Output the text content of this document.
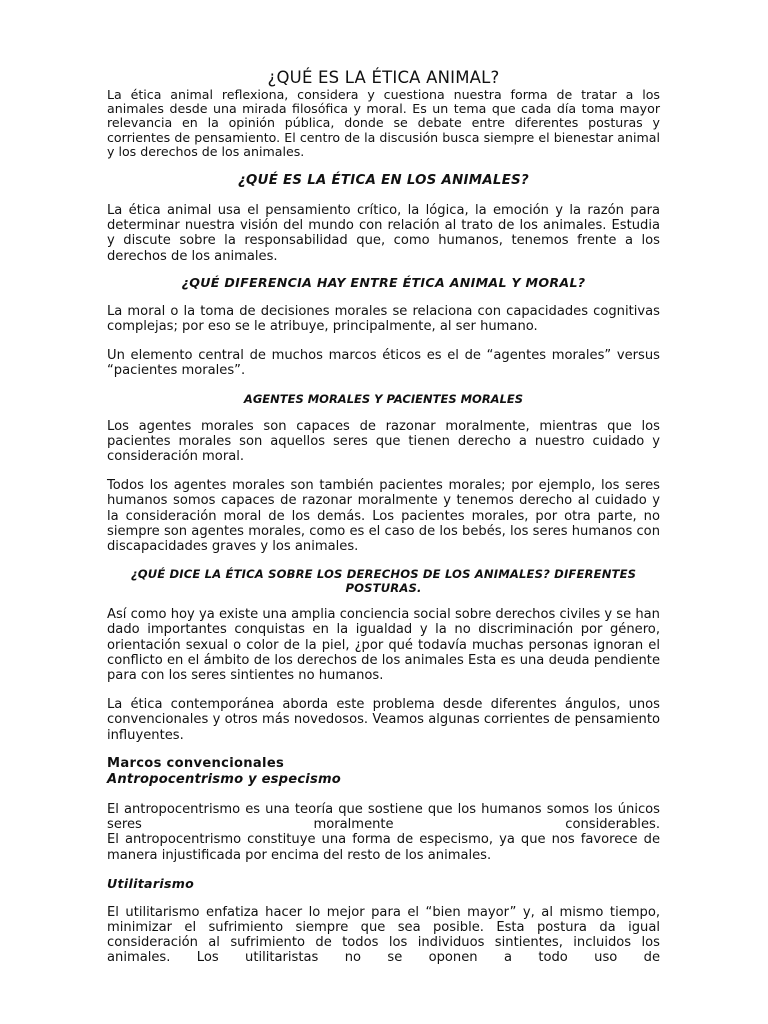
¿QUÉ ES LA ÉTICA ANIMAL?

La ética animal reflexiona, considera y cuestiona nuestra forma de tratar a los animales desde una mirada filosófica y moral. Es un tema que cada día toma mayor relevancia en la opinión pública, donde se debate entre diferentes posturas y corrientes de pensamiento. El centro de la discusión busca siempre el bienestar animal y los derechos de los animales.

¿QUÉ ES LA ÉTICA EN LOS ANIMALES?

La ética animal usa el pensamiento crítico, la lógica, la emoción y la razón para determinar nuestra visión del mundo con relación al trato de los animales. Estudia y discute sobre la responsabilidad que, como humanos, tenemos frente a los derechos de los animales.

¿QUÉ DIFERENCIA HAY ENTRE ÉTICA ANIMAL Y MORAL?

La moral o la toma de decisiones morales se relaciona con capacidades cognitivas complejas; por eso se le atribuye, principalmente, al ser humano.

Un elemento central de muchos marcos éticos es el de “agentes morales” versus “pacientes morales”.

AGENTES MORALES Y PACIENTES MORALES

Los agentes morales son capaces de razonar moralmente, mientras que los pacientes morales son aquellos seres que tienen derecho a nuestro cuidado y consideración moral.

Todos los agentes morales son también pacientes morales; por ejemplo, los seres humanos somos capaces de razonar moralmente y tenemos derecho al cuidado y la consideración moral de los demás. Los pacientes morales, por otra parte, no siempre son agentes morales, como es el caso de los bebés, los seres humanos con discapacidades graves y los animales.

¿QUÉ DICE LA ÉTICA SOBRE LOS DERECHOS DE LOS ANIMALES? DIFERENTES POSTURAS.

Así como hoy ya existe una amplia conciencia social sobre derechos civiles y se han dado importantes conquistas en la igualdad y la no discriminación por género, orientación sexual o color de la piel, ¿por qué todavía muchas personas ignoran el conflicto en el ámbito de los derechos de los animales Esta es una deuda pendiente para con los seres sintientes no humanos.

La ética contemporánea aborda este problema desde diferentes ángulos, unos convencionales y otros más novedosos. Veamos algunas corrientes de pensamiento influyentes.

Marcos convencionales
Antropocentrismo y especismo

El antropocentrismo es una teoría que sostiene que los humanos somos los únicos seres moralmente considerables.

El antropocentrismo constituye una forma de especismo, ya que nos favorece de manera injustificada por encima del resto de los animales.

Utilitarismo

El utilitarismo enfatiza hacer lo mejor para el “bien mayor” y, al mismo tiempo, minimizar el sufrimiento siempre que sea posible. Esta postura da igual consideración al sufrimiento de todos los individuos sintientes, incluidos los animales. Los utilitaristas no se oponen a todo uso de
